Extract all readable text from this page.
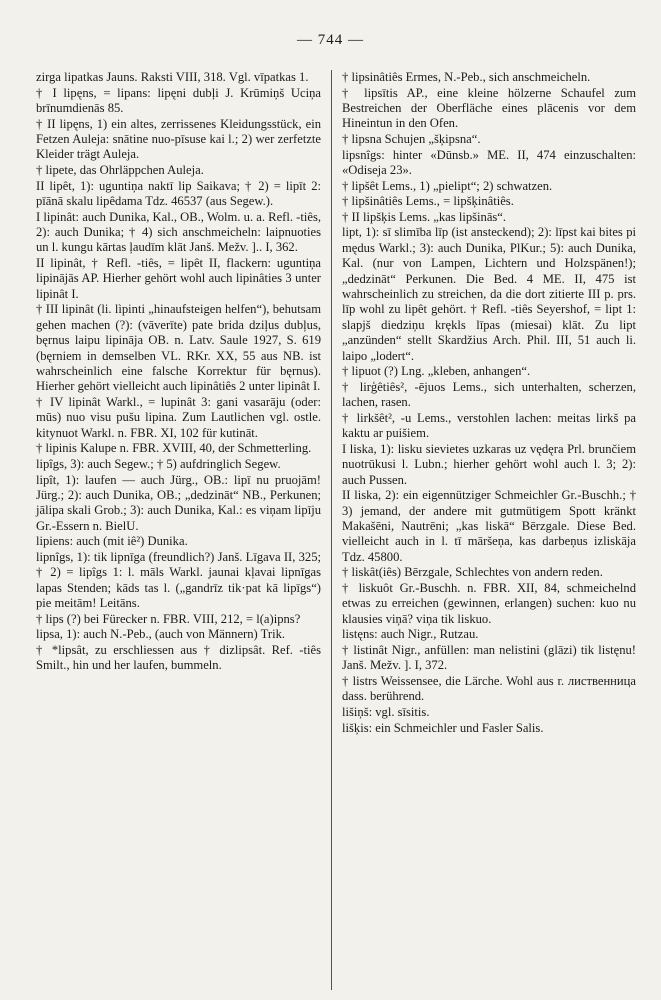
— 744 —

zirga lipatkas Jauns. Raksti VIII, 318. Vgl. vīpatkas 1.

† I lipęns, = lipans: lipęni dubļi J. Krūmiņš Uciņa brīnumdienās 85.

† II lipęns, 1) ein altes, zerrissenes Kleidungsstück, ein Fetzen Auleja: snātine nuo-pīsuse kai l.; 2) wer zerfetzte Kleider trägt Auleja.

† lipete, das Ohrläppchen Auleja.

II lipêt, 1): uguntiņa naktī lip Saikava; † 2) = lipīt 2: pīānā skalu lipêdama Tdz. 46537 (aus Segew.).

I lipinât: auch Dunika, Kal., OB., Wolm. u. a. Refl. -tiês, 2): auch Dunika; † 4) sich anschmeicheln: laipnuoties un l. kungu kārtas ļaudīm klāt Janš. Mežv. ].. I, 362.

II lipinât, † Refl. -tiês, = lipêt II, flackern: uguntiņa lipinājās AP. Hierher gehört wohl auch lipinâties 3 unter lipinât I.

† III lipinât (li. lìpinti „hinaufsteigen helfen“), behutsam gehen machen (?): (vāverīte) pate brida dziļus dubļus, bęrnus laipu lipināja OB. n. Latv. Saule 1927, S. 619 (bęrniem in demselben VL. RKr. XX, 55 aus NB. ist wahrscheinlich eine falsche Korrektur für bęrnus). Hierher gehört vielleicht auch lipinâtiês 2 unter lipinât I.

† IV lipinât Warkl., = lupinât 3: gani vasarāju (oder: mūs) nuo visu pušu lipina. Zum Lautlichen vgl. ostle. kitynuot Warkl. n. FBR. XI, 102 für kutināt.

† lipinis Kalupe n. FBR. XVIII, 40, der Schmetterling.

lipîgs, 3): auch Segew.; † 5) aufdringlich Segew.

lipît, 1): laufen — auch Jürg., OB.: lipī nu pruojām! Jürg.; 2): auch Dunika, OB.; „dedzināt“ NB., Perkunen; jālipa skali Grob.; 3): auch Dunika, Kal.: es viņam lipīju Gr.-Essern n. BielU.

lipiens: auch (mit iê²) Dunika.

lipnîgs, 1): tik lipnīga (freundlich?) Janš. Līgava II, 325; † 2) = lipîgs 1: l. māls Warkl. jaunai kļavai lipnīgas lapas Stenden; kāds tas l. („gandrīz tik·pat kā lipīgs“) pie meitām! Leitāns.

† lips (?) bei Fürecker n. FBR. VIII, 212, = l(a)ipns?

lipsa, 1): auch N.-Peb., (auch von Männern) Trik.

† *lipsât, zu erschliessen aus † dizlipsât. Ref. -tiês Smilt., hin und her laufen, bummeln.

† lipsinâtiês Ermes, N.-Peb., sich anschmeicheln.

† lipsītis AP., eine kleine hölzerne Schaufel zum Bestreichen der Oberfläche eines plācenis vor dem Hineintun in den Ofen.

† lipsna Schujen „šķipsna“.

lipsnîgs: hinter «Dūnsb.» ME. II, 474 einzuschalten: «Odiseja 23».

† lipšêt Lems., 1) „pielipt“; 2) schwatzen.

† lipšinâtiês Lems., = lipšķinâtiês.

† II lipšķis Lems. „kas lipšinās“.

lipt, 1): sī slimība līp (ist ansteckend); 2): līpst kai bites pi mędus Warkl.; 3): auch Dunika, PlKur.; 5): auch Dunika, Kal. (nur von Lampen, Lichtern und Holzspänen!); „dedzināt“ Perkunen. Die Bed. 4 ME. II, 475 ist wahrscheinlich zu streichen, da die dort zitierte III p. prs. līp wohl zu lipêt gehört. † Refl. -tiês Seyershof, = lipt 1: slapjš diedziņu krękls līpas (miesai) klāt. Zu lipt „anzünden“ stellt Skardžius Arch. Phil. III, 51 auch li. laipo „lodert“.

† lipuot (?) Lng. „kleben, anhangen“.

† lirģêtiês², -ējuos Lems., sich unterhalten, scherzen, lachen, rasen.

† lirkšêt², -u Lems., verstohlen lachen: meitas lirkš pa kaktu ar puišiem.

I liska, 1): lisku sievietes uzkaras uz vędęra Prl. brunčiem nuotrūkusi l. Lubn.; hierher gehört wohl auch l. 3; 2): auch Pussen.

II liska, 2): ein eigennütziger Schmeichler Gr.-Buschh.; † 3) jemand, der andere mit gutmütigem Spott kränkt Makašēni, Nautrēni; „kas liskā“ Bērzgale. Diese Bed. vielleicht auch in l. tī māršeņa, kas darbeņus izliskāja Tdz. 45800.

† liskât(iês) Bērzgale, Schlechtes von andern reden.

† liskuôt Gr.-Buschh. n. FBR. XII, 84, schmeichelnd etwas zu erreichen (gewinnen, erlangen) suchen: kuo nu klausies viņā? viņa tik liskuo.

listęns: auch Nigr., Rutzau.

† listinât Nigr., anfüllen: man nelistini (glāzi) tik listęnu! Janš. Mežv. ]. I, 372.

† listrs Weissensee, die Lärche. Wohl aus r. лиственница dass. berührend.

lišiņš: vgl. sīsitis.

lišķis: ein Schmeichler und Fasler Salis.
